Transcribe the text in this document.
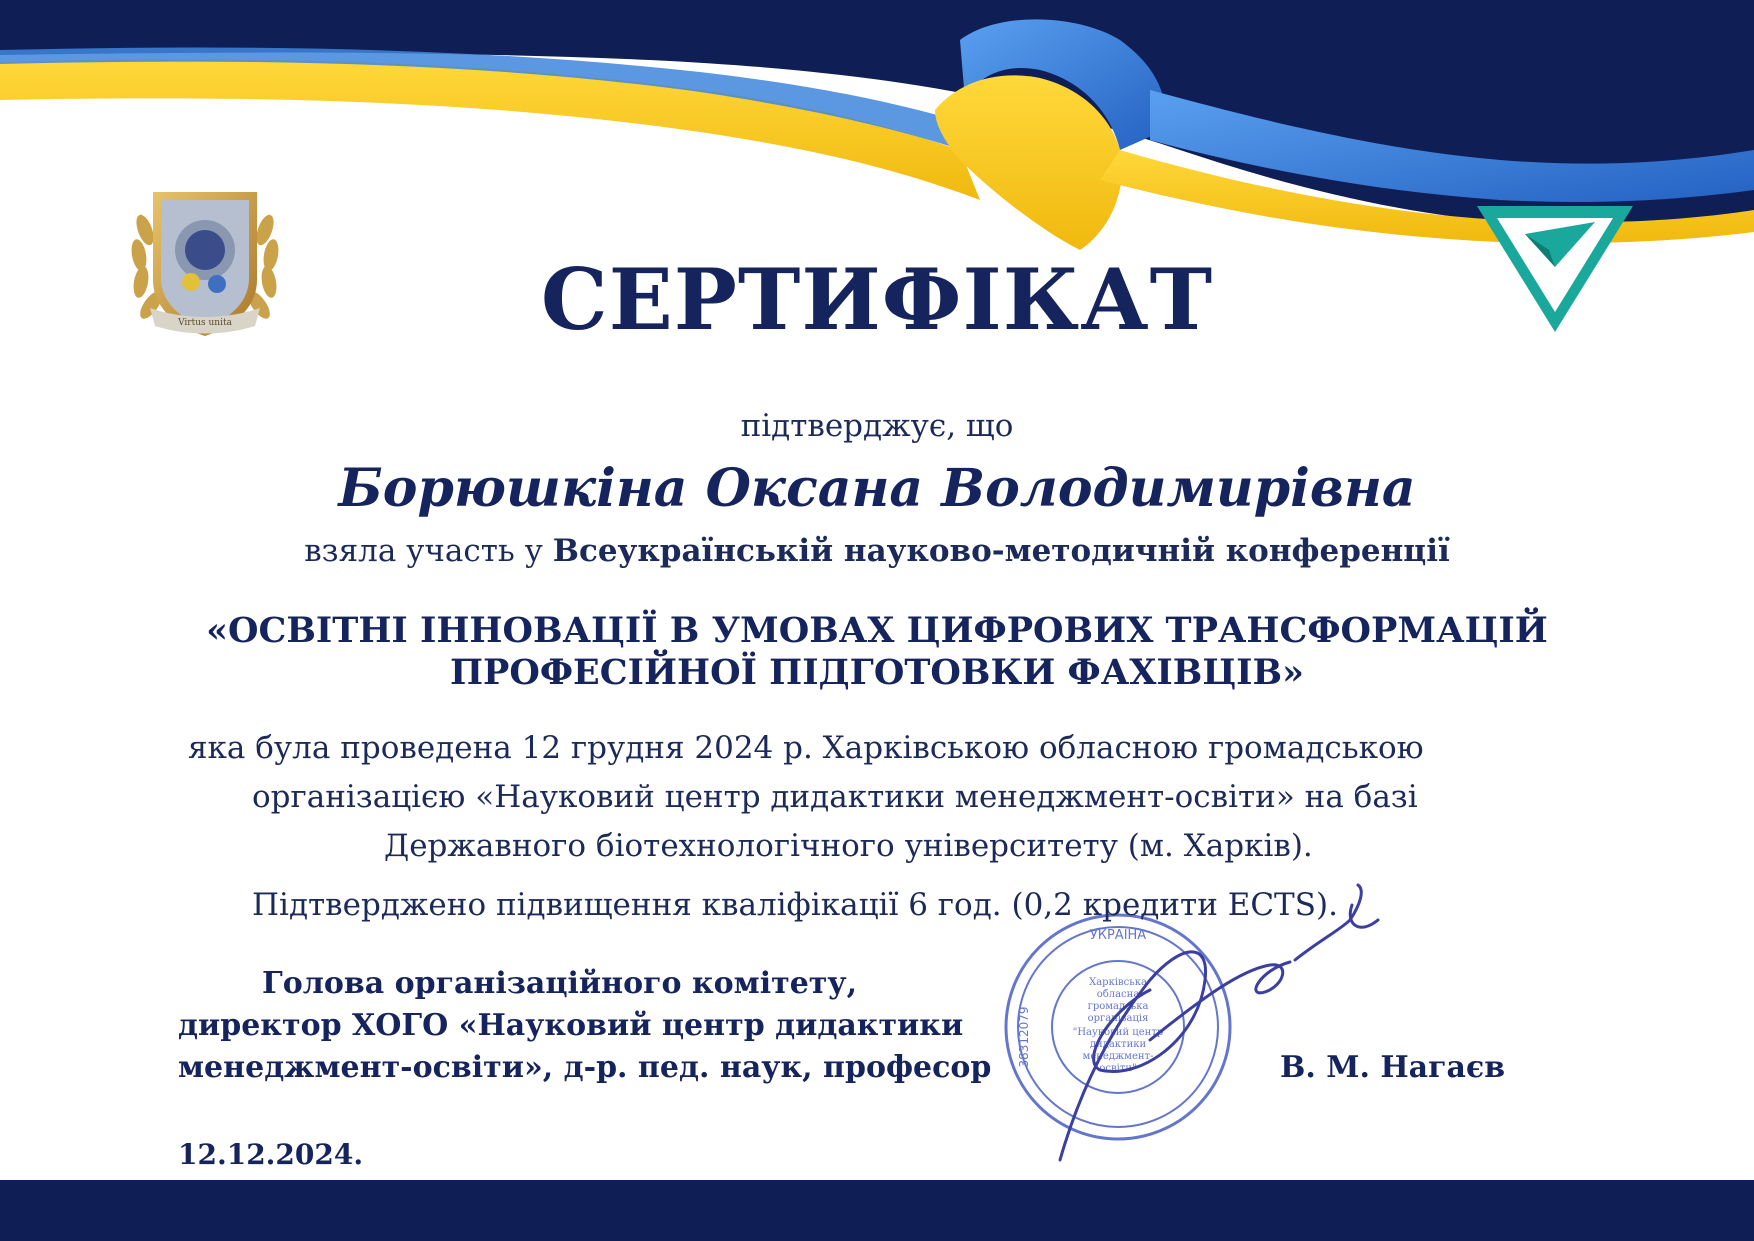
Virtus unita
УКРАЇНА
38312079
Харківська
обласна
громадська
організація
"Науковий центр
дидактики
менеджмент-
освіти"
СЕРТИФІКАТ
підтверджує, що
Борюшкіна Оксана Володимирівна
взяла участь у Всеукраїнській науково-методичній конференції
«ОСВІТНІ ІННОВАЦІЇ В УМОВАХ ЦИФРОВИХ ТРАНСФОРМАЦІЙ
ПРОФЕСІЙНОЇ ПІДГОТОВКИ ФАХІВЦІВ»
яка була проведена 12 грудня 2024 р. Харківською обласною громадською
організацією «Науковий центр дидактики менеджмент-освіти» на базі
Державного біотехнологічного університету (м. Харків).
Підтверджено підвищення кваліфікації 6 год. (0,2 кредити ECTS).
Голова організаційного комітету,
директор ХОГО «Науковий центр дидактики
менеджмент-освіти», д-р. пед. наук, професор	В. М. Нагаєв
12.12.2024.
